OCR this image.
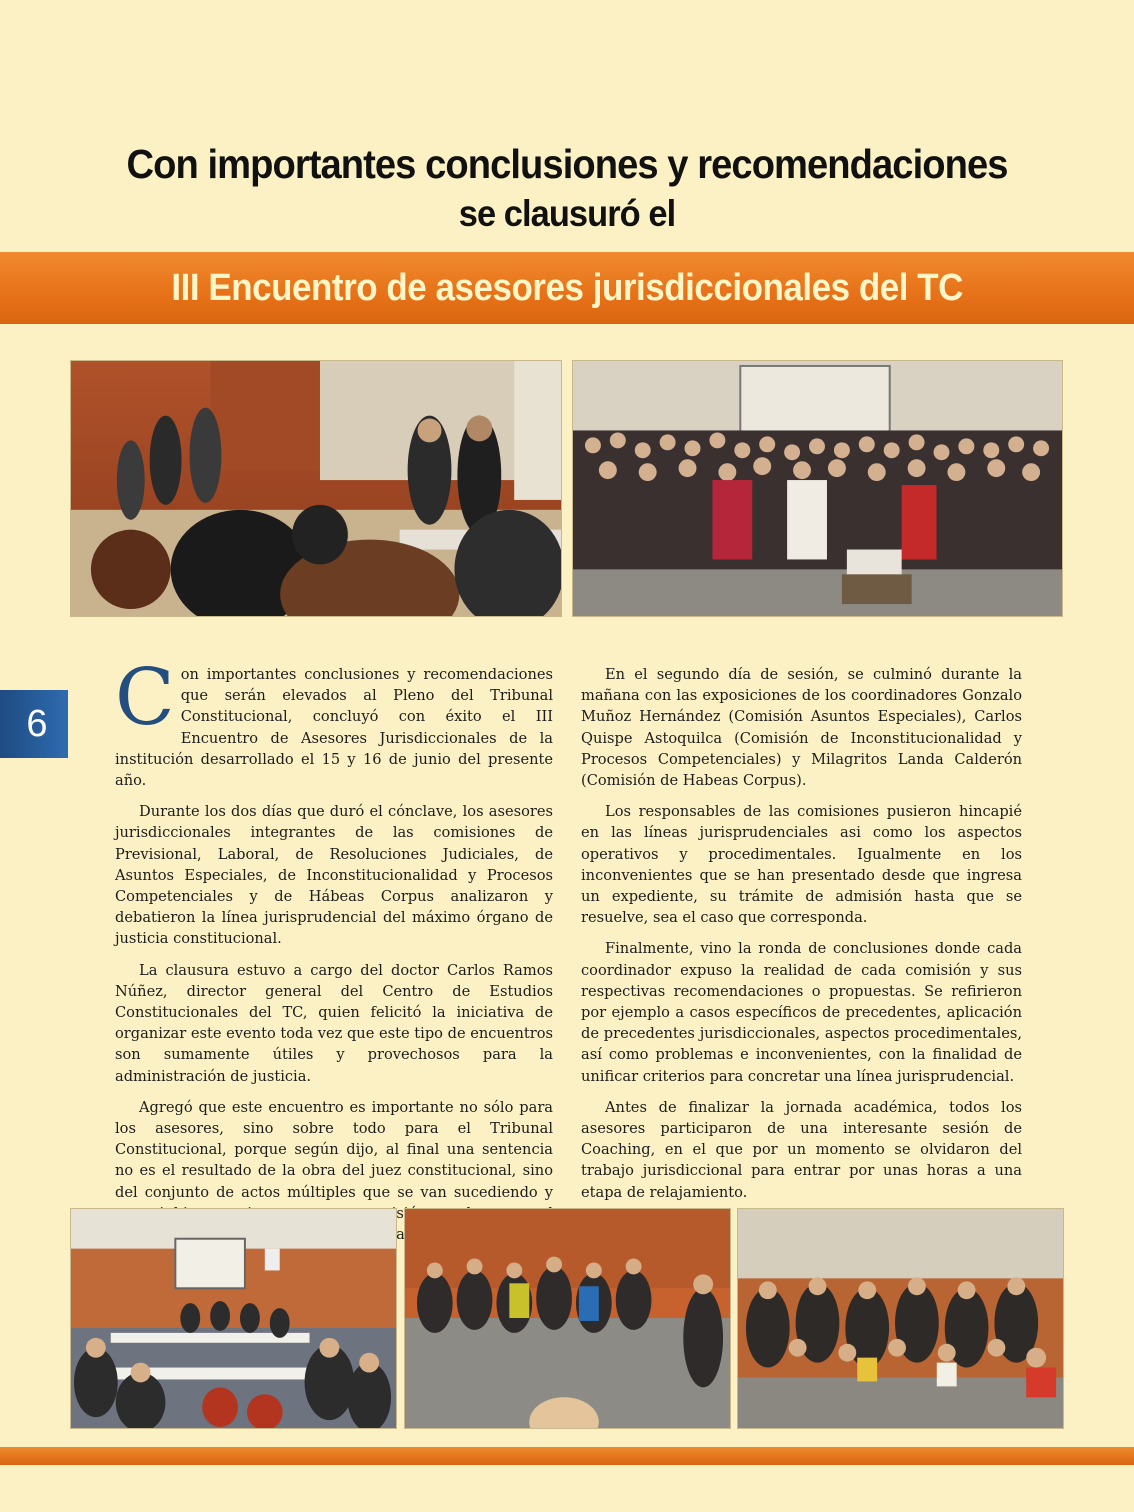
Con importantes conclusiones y recomendaciones
se clausuró el
III Encuentro de asesores jurisdiccionales del TC
6 Con importantes conclusiones y recomendaciones que serán elevados al Pleno del Tribunal Constitucional, concluyó con éxito el III Encuentro de Asesores Jurisdiccionales de la institución desarrollado el 15 y 16 de junio del presente año.

Durante los dos días que duró el cónclave, los asesores jurisdiccionales integrantes de las comisiones de Previsional, Laboral, de Resoluciones Judiciales, de Asuntos Especiales, de Inconstitucionalidad y Procesos Competenciales y de Hábeas Corpus analizaron y debatieron la línea jurisprudencial del máximo órgano de justicia constitucional.

La clausura estuvo a cargo del doctor Carlos Ramos Núñez, director general del Centro de Estudios Constitucionales del TC, quien felicitó la iniciativa de organizar este evento toda vez que este tipo de encuentros son sumamente útiles y provechosos para la administración de justicia.

Agregó que este encuentro es importante no sólo para los asesores, sino sobre todo para el Tribunal Constitucional, porque según dijo, al final una sentencia no es el resultado de la obra del juez constitucional, sino del conjunto de actos múltiples que se van sucediendo y comisión,

En el segundo día de sesión, se culminó durante la mañana con las exposiciones de los coordinadores Gonzalo Muñoz Hernández (Comisión Asuntos Especiales), Carlos Quispe Astoquilca (Comisión de Inconstitucionalidad y Procesos Competenciales) y Milagritos Landa Calderón (Comisión de Habeas Corpus).

Los responsables de las comisiones pusieron hincapié en las líneas jurisprudenciales asi como los aspectos operativos y procedimentales. Igualmente en los inconvenientes que se han presentado desde que ingresa un expediente, su trámite de admisión hasta que se resuelve, sea el caso que corresponda.

Finalmente, vino la ronda de conclusiones donde cada coordinador expuso la realidad de cada comisión y sus respectivas recomendaciones o propuestas. Se refirieron por ejemplo a casos específicos de precedentes, aplicación de precedentes jurisdiccionales, aspectos procedimentales, así como problemas e inconvenientes, con la finalidad de unificar criterios para concretar una línea jurisprudencial.

Antes de finalizar la jornada académica, todos los asesores participaron de una interesante sesión de Coaching, en el que por un momento se olvidaron del trabajo jurisdiccional para entrar por unas horas a una etapa de relajamiento.
